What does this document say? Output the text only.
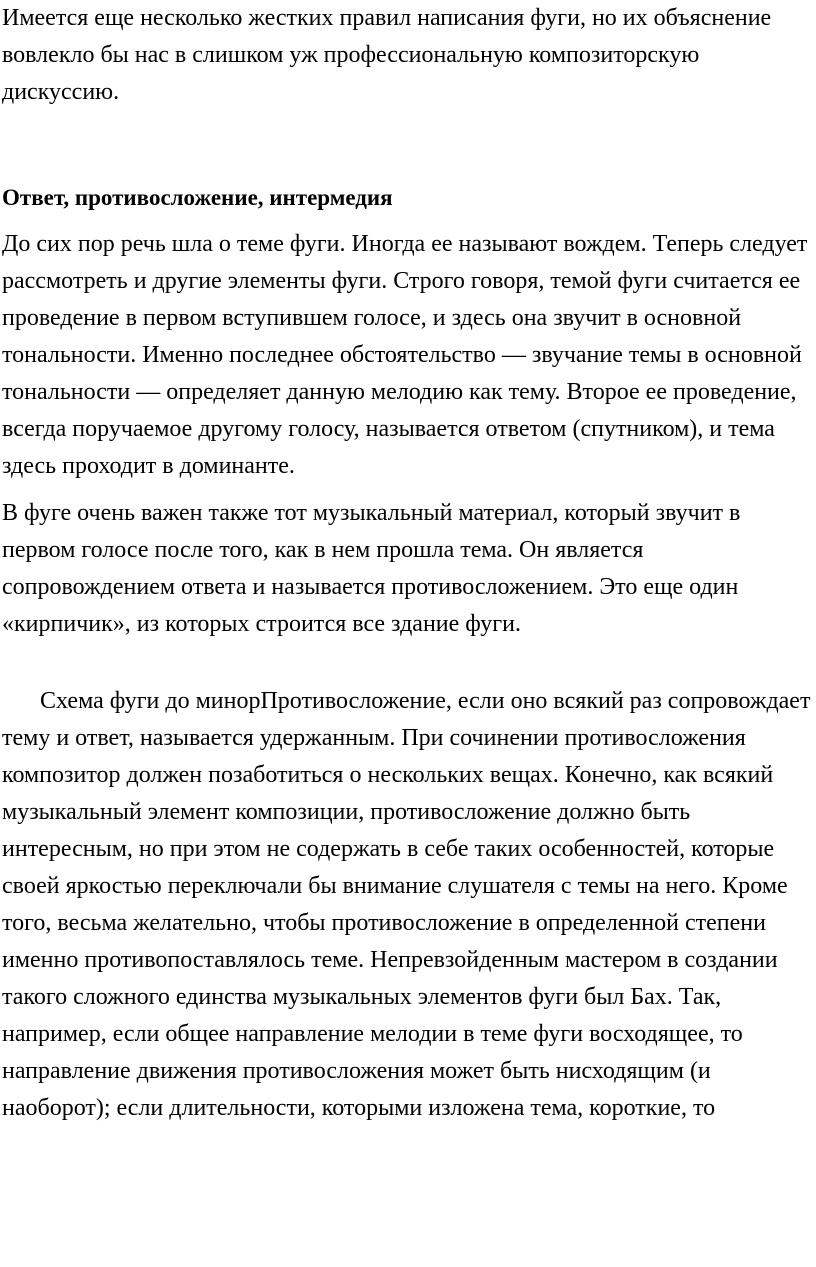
Имеется еще несколько жестких правил написания фуги, но их объяснение вовлекло бы нас в слишком уж профессиональную композиторскую дискуссию.

Ответ, противосложение, интермедия

До сих пор речь шла о теме фуги. Иногда ее называют вождем. Теперь следует рассмотреть и другие элементы фуги. Строго говоря, темой фуги считается ее проведение в первом вступившем голосе, и здесь она звучит в основной тональности. Именно последнее обстоятельство — звучание темы в основной тональности — определяет данную мелодию как тему. Второе ее проведение, всегда поручаемое другому голосу, называется ответом (спутником), и тема здесь проходит в доминанте.

В фуге очень важен также тот музыкальный материал, который звучит в первом голосе после того, как в нем прошла тема. Он является сопровождением ответа и называется противосложением. Это еще один «кирпичик», из которых строится все здание фуги.

Схема фуги до минорПротивосложение, если оно всякий раз сопровождает тему и ответ, называется удержанным. При сочинении противосложения композитор должен позаботиться о нескольких вещах. Конечно, как всякий музыкальный элемент композиции, противосложение должно быть интересным, но при этом не содержать в себе таких особенностей, которые своей яркостью переключали бы внимание слушателя с темы на него. Кроме того, весьма желательно, чтобы противосложение в определенной степени именно противопоставлялось теме. Непревзойденным мастером в создании такого сложного единства музыкальных элементов фуги был Бах. Так, например, если общее направление мелодии в теме фуги восходящее, то направление движения противосложения может быть нисходящим (и наоборот); если длительности, которыми изложена тема, короткие, то
